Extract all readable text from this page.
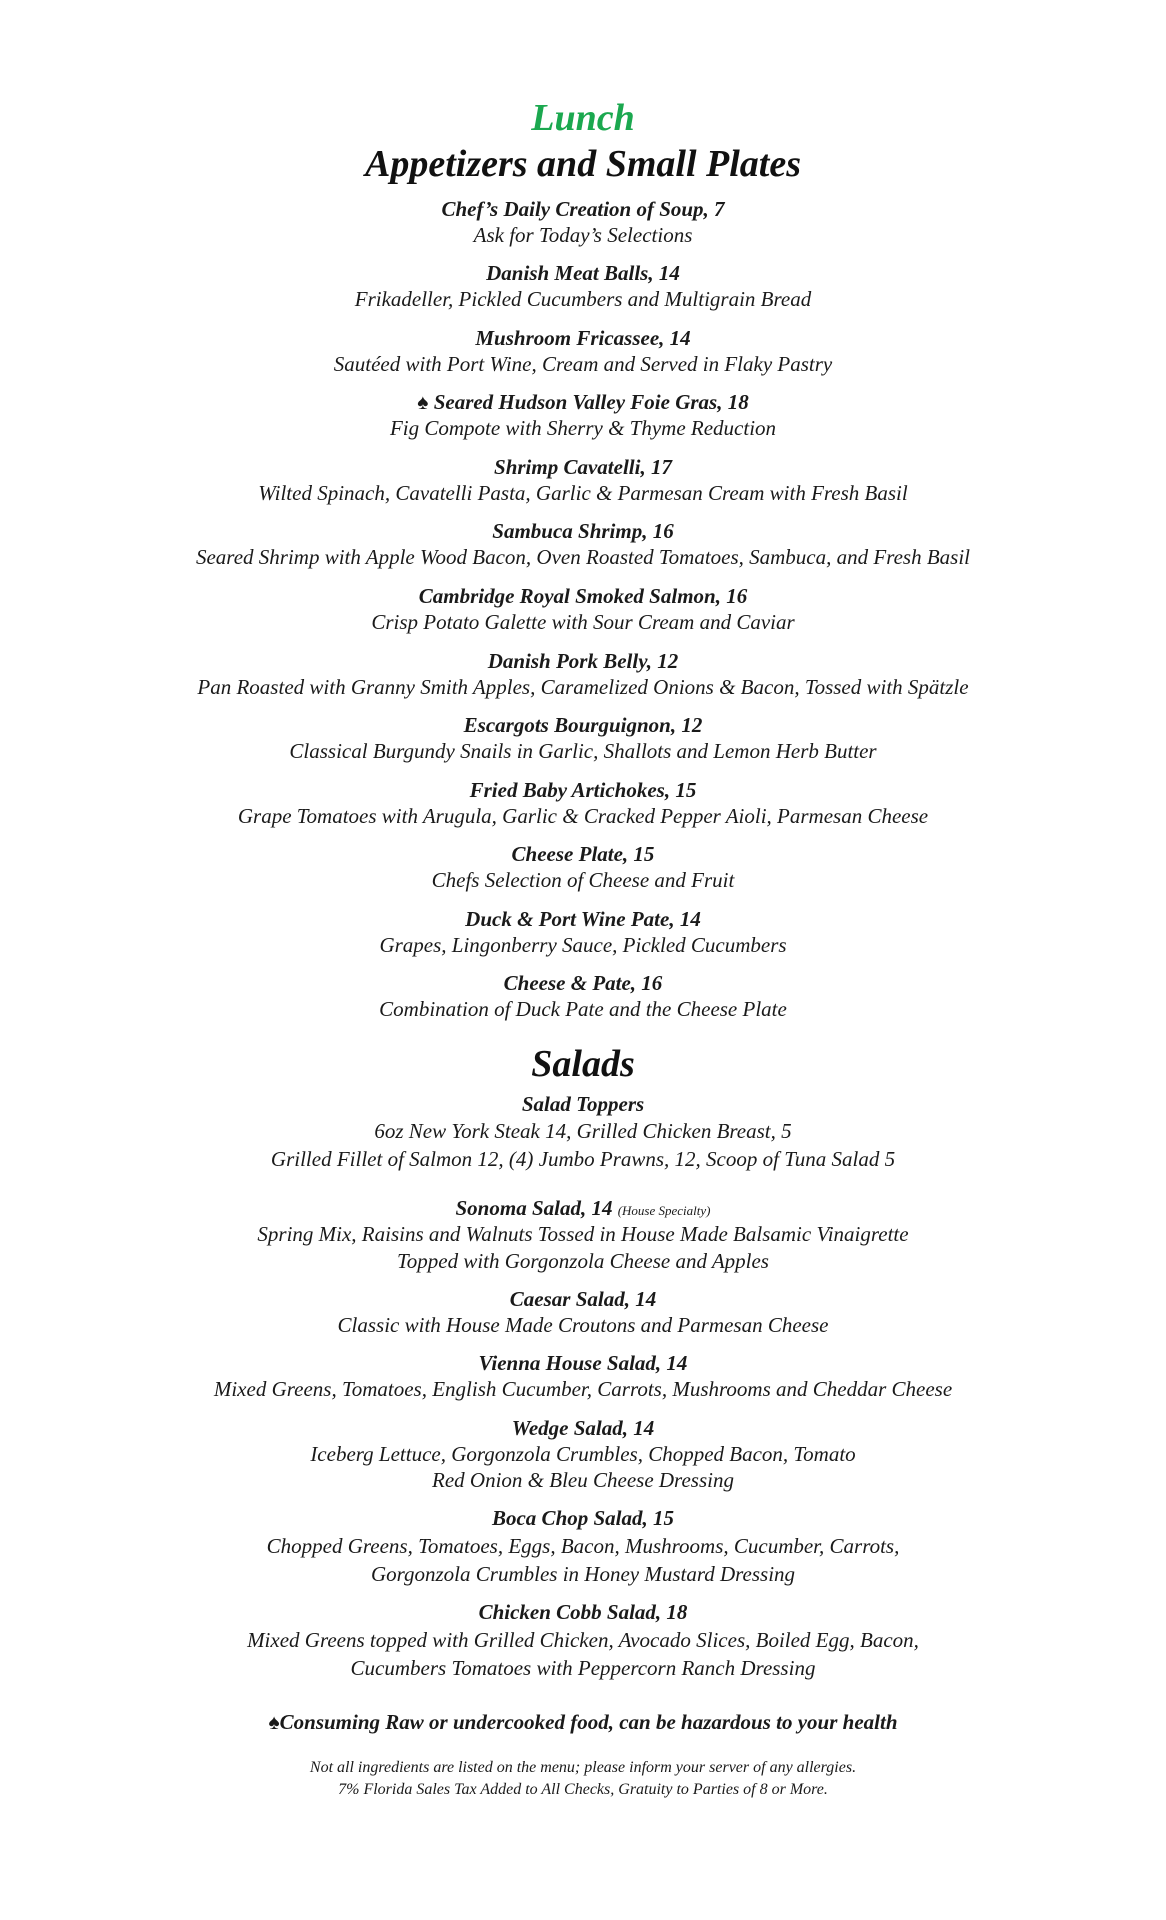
Lunch
Appetizers and Small Plates
Chef’s Daily Creation of Soup, 7
Ask for Today’s Selections
Danish Meat Balls, 14
Frikadeller, Pickled Cucumbers and Multigrain Bread
Mushroom Fricassee, 14
Sautéed with Port Wine, Cream and Served in Flaky Pastry
♠ Seared Hudson Valley Foie Gras, 18
Fig Compote with Sherry & Thyme Reduction
Shrimp Cavatelli, 17
Wilted Spinach, Cavatelli Pasta, Garlic & Parmesan Cream with Fresh Basil
Sambuca Shrimp, 16
Seared Shrimp with Apple Wood Bacon, Oven Roasted Tomatoes, Sambuca, and Fresh Basil
Cambridge Royal Smoked Salmon, 16
Crisp Potato Galette with Sour Cream and Caviar
Danish Pork Belly, 12
Pan Roasted with Granny Smith Apples, Caramelized Onions & Bacon, Tossed with Spätzle
Escargots Bourguignon, 12
Classical Burgundy Snails in Garlic, Shallots and Lemon Herb Butter
Fried Baby Artichokes, 15
Grape Tomatoes with Arugula, Garlic & Cracked Pepper Aioli, Parmesan Cheese
Cheese Plate, 15
Chefs Selection of Cheese and Fruit
Duck & Port Wine Pate, 14
Grapes, Lingonberry Sauce, Pickled Cucumbers
Cheese & Pate, 16
Combination of Duck Pate and the Cheese Plate
Salads
Salad Toppers
6oz New York Steak 14, Grilled Chicken Breast, 5
Grilled Fillet of Salmon 12, (4) Jumbo Prawns, 12, Scoop of Tuna Salad 5
Sonoma Salad, 14 (House Specialty)
Spring Mix, Raisins and Walnuts Tossed in House Made Balsamic Vinaigrette
Topped with Gorgonzola Cheese and Apples
Caesar Salad, 14
Classic with House Made Croutons and Parmesan Cheese
Vienna House Salad, 14
Mixed Greens, Tomatoes, English Cucumber, Carrots, Mushrooms and Cheddar Cheese
Wedge Salad, 14
Iceberg Lettuce, Gorgonzola Crumbles, Chopped Bacon, Tomato
Red Onion & Bleu Cheese Dressing
Boca Chop Salad, 15
Chopped Greens, Tomatoes, Eggs, Bacon, Mushrooms, Cucumber, Carrots,
Gorgonzola Crumbles in Honey Mustard Dressing
Chicken Cobb Salad, 18
Mixed Greens topped with Grilled Chicken, Avocado Slices, Boiled Egg, Bacon,
Cucumbers Tomatoes with Peppercorn Ranch Dressing
♠Consuming Raw or undercooked food, can be hazardous to your health
Not all ingredients are listed on the menu; please inform your server of any allergies.
7% Florida Sales Tax Added to All Checks, Gratuity to Parties of 8 or More.
